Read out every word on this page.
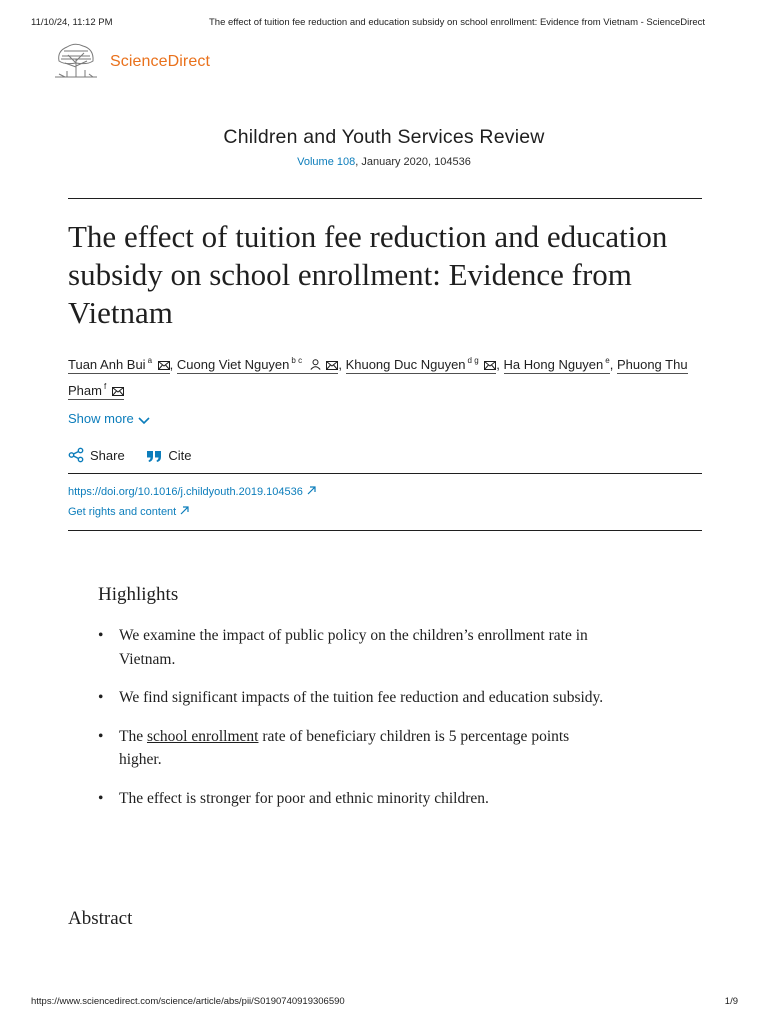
11/10/24, 11:12 PM	The effect of tuition fee reduction and education subsidy on school enrollment: Evidence from Vietnam - ScienceDirect
ScienceDirect
Children and Youth Services Review
Volume 108, January 2020, 104536
The effect of tuition fee reduction and education subsidy on school enrollment: Evidence from Vietnam
Tuan Anh Bui $^a$ , Cuong Viet Nguyen $^{b c}$	, Khuong Duc Nguyen $^{d g}$ , Ha Hong Nguyen $^e$, Phuong Thu Pham $^f$
Show more
Share	Cite
https://doi.org/10.1016/j.childyouth.2019.104536
Get rights and content
Highlights
• We examine the impact of public policy on the children’s enrollment rate in Vietnam.
• We find significant impacts of the tuition fee reduction and education subsidy.
• The school enrollment rate of beneficiary children is 5 percentage points higher.
• The effect is stronger for poor and ethnic minority children.
Abstract
https://www.sciencedirect.com/science/article/abs/pii/S0190740919306590	1/9
